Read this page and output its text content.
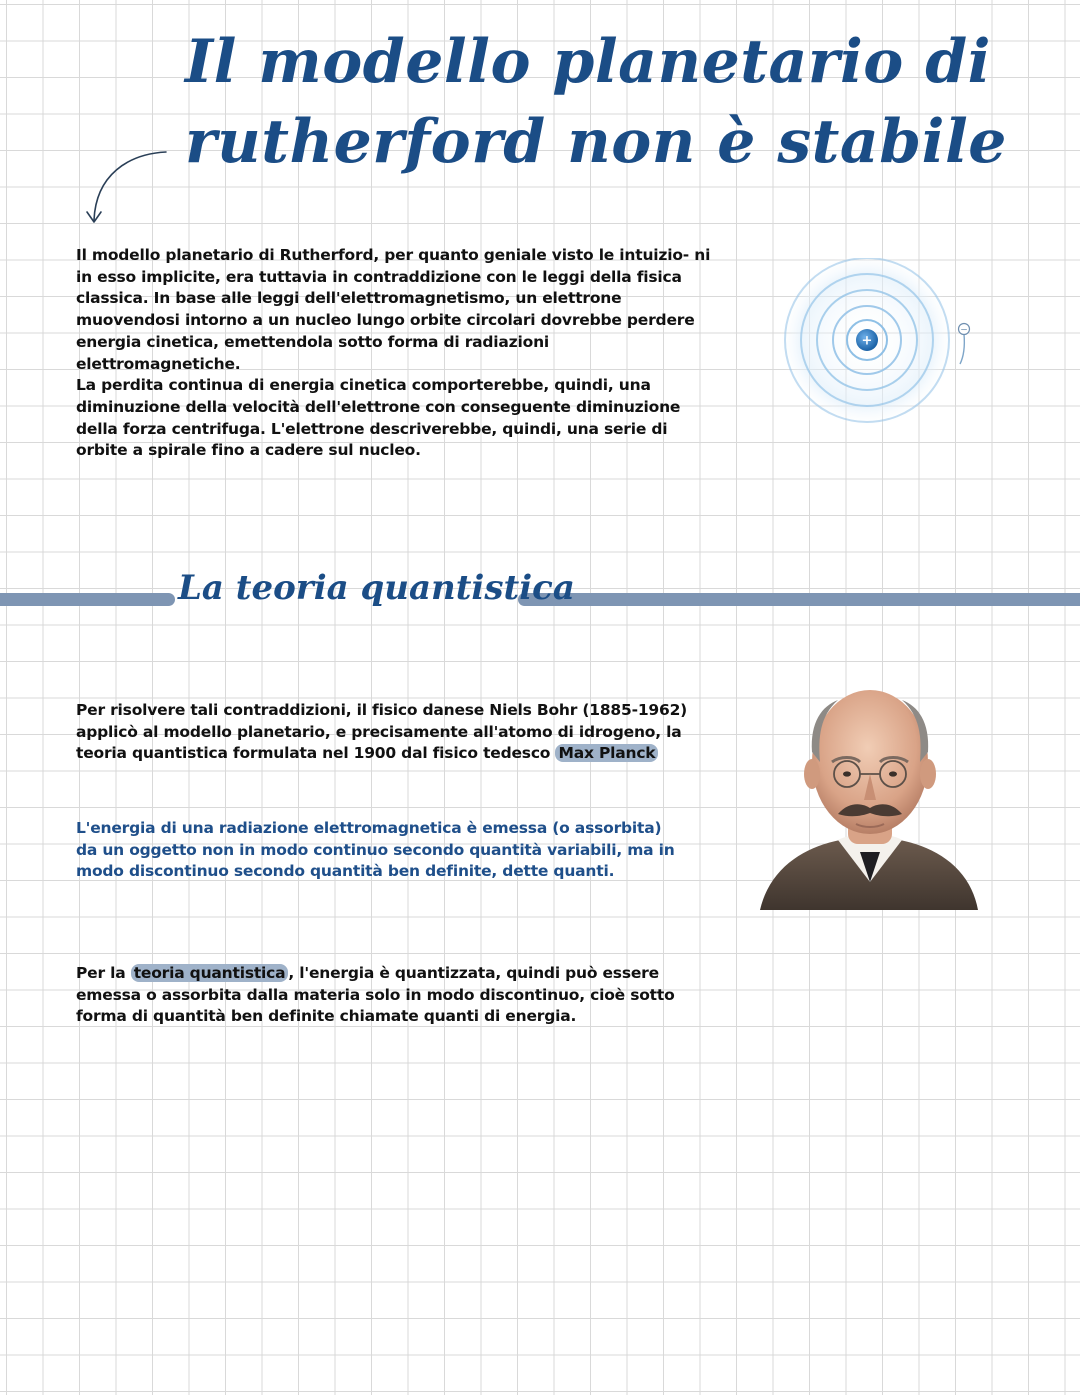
Il modello planetario di
rutherford non è stabile
Il modello planetario di Rutherford, per quanto geniale visto le intuizio- ni in esso implicite, era tuttavia in contraddizione con le leggi della fisica classica. In base alle leggi dell'elettromagnetismo, un elettrone muovendosi intorno a un nucleo lungo orbite circolari dovrebbe perdere energia cinetica, emettendola sotto forma di radiazioni elettromagnetiche.
La perdita continua di energia cinetica comporterebbe, quindi, una diminuzione della velocità dell'elettrone con conseguente diminuzione della forza centrifuga. L'elettrone descriverebbe, quindi, una serie di orbite a spirale fino a cadere sul nucleo.
+
−
La teoria quantistica
Per risolvere tali contraddizioni, il fisico danese Niels Bohr (1885-1962) applicò al modello planetario, e precisamente all'atomo di idrogeno, la teoria quantistica formulata nel 1900 dal fisico tedesco Max Planck
L'energia di una radiazione elettromagnetica è emessa (o assorbita) da un oggetto non in modo continuo secondo quantità variabili, ma in modo discontinuo secondo quantità ben definite, dette quanti.
Per la teoria quantistica , l'energia è quantizzata, quindi può essere emessa o assorbita dalla materia solo in modo discontinuo, cioè sotto forma di quantità ben definite chiamate quanti di energia.
